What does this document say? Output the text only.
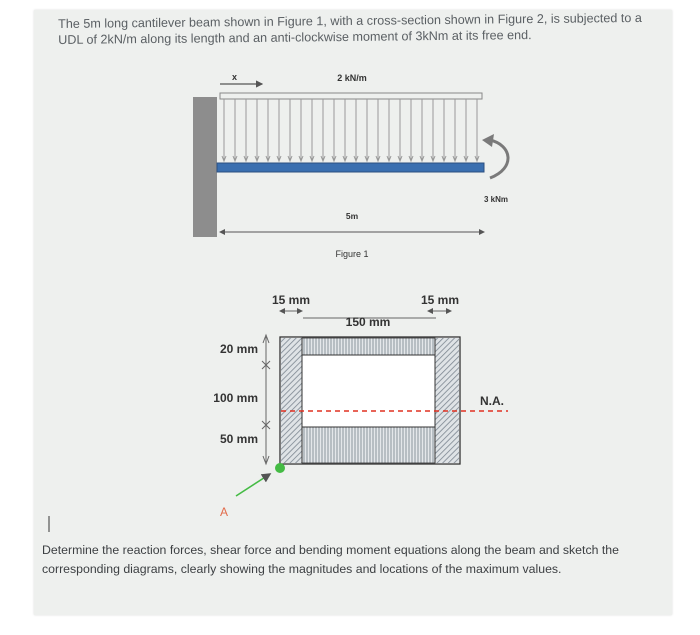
The 5m long cantilever beam shown in Figure 1, with a cross-section shown in Figure 2, is subjected to a UDL of 2kN/m along its length and an anti-clockwise moment of 3kNm at its free end.

Determine the reaction forces, shear force and bending moment equations along the beam and sketch the corresponding diagrams, clearly showing the magnitudes and locations of the maximum values.

x	2 kN/m
3 kNm
5m
Figure 1
15 mm	15 mm
150 mm
N.A.
20 mm
100 mm
50 mm
A
